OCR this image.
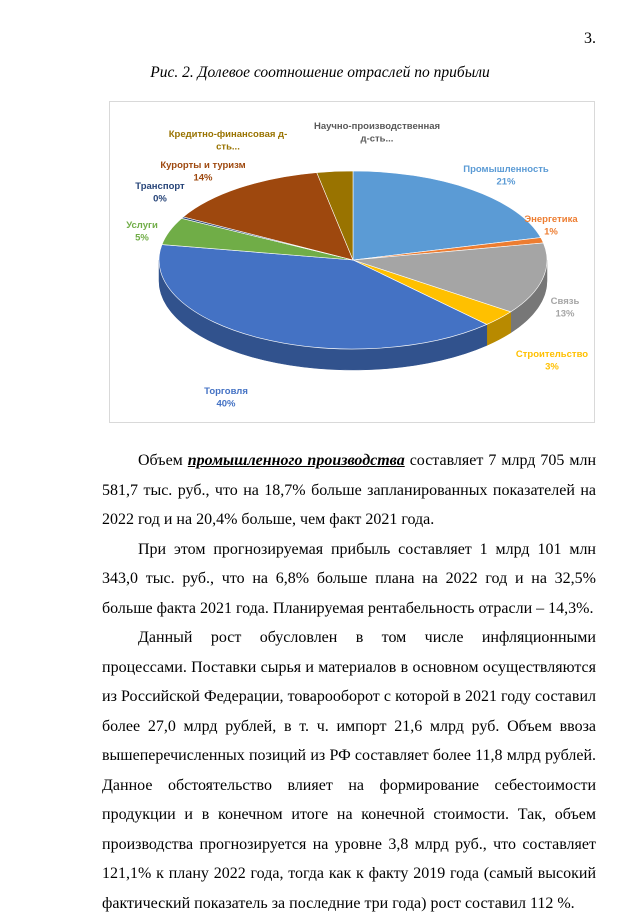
3.
Рис. 2. Долевое соотношение отраслей по прибыли
Промышленность
21%
Энергетика
1%
Связь
13%
Строительство
3%
Торговля
40%
Услуги
5%
Транспорт
0%
Курорты и туризм
14%
Кредитно-финансовая д-
сть...
Научно-производственная
д-сть...

Объем промышленного производства составляет 7 млрд 705 млн 581,7 тыс. руб., что на 18,7% больше запланированных показателей на 2022 год и на 20,4% больше, чем факт 2021 года.

При этом прогнозируемая прибыль составляет 1 млрд 101 млн 343,0 тыс. руб., что на 6,8% больше плана на 2022 год и на 32,5% больше факта 2021 года. Планируемая рентабельность отрасли – 14,3%.

Данный рост обусловлен в том числе инфляционными процессами. Поставки сырья и материалов в основном осуществляются из Российской Федерации, товарооборот с которой в 2021 году составил более 27,0 млрд рублей, в т. ч. импорт 21,6 млрд руб. Объем ввоза вышеперечисленных позиций из РФ составляет более 11,8 млрд рублей. Данное обстоятельство влияет на формирование себестоимости продукции и в конечном итоге на конечной стоимости. Так, объем производства прогнозируется на уровне 3,8 млрд руб., что составляет 121,1% к плану 2022 года, тогда как к факту 2019 года (самый высокий фактический показатель за последние три года) рост составил 112 %.
